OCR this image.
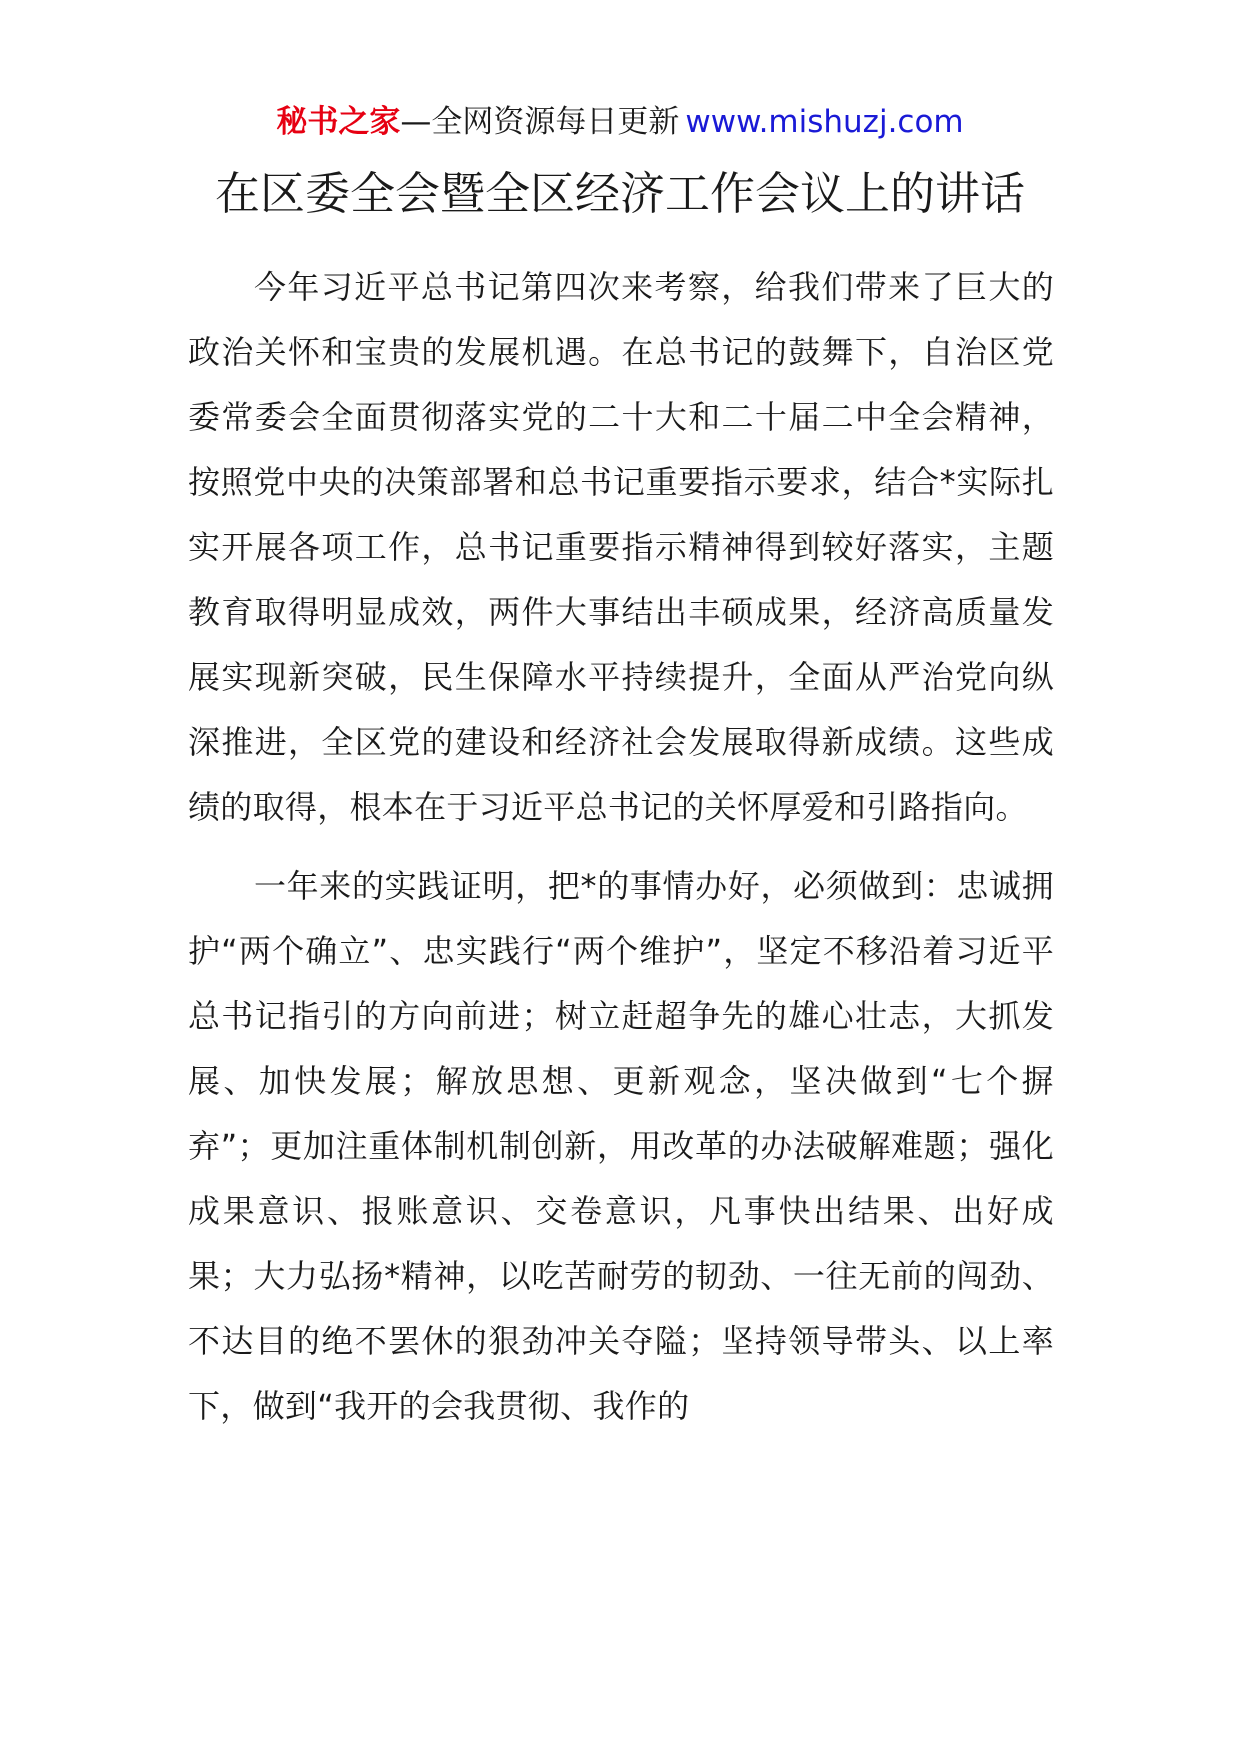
秘书之家—全网资源每日更新 www.mishuzj.com
在区委全会暨全区经济工作会议上的讲话

今年习近平总书记第四次来考察，给我们带来了巨大的政治关怀和宝贵的发展机遇。在总书记的鼓舞下，自治区党委常委会全面贯彻落实党的二十大和二十届二中全会精神，按照党中央的决策部署和总书记重要指示要求，结合*实际扎实开展各项工作，总书记重要指示精神得到较好落实，主题教育取得明显成效，两件大事结出丰硕成果，经济高质量发展实现新突破，民生保障水平持续提升，全面从严治党向纵深推进，全区党的建设和经济社会发展取得新成绩。这些成绩的取得，根本在于习近平总书记的关怀厚爱和引路指向。

一年来的实践证明，把*的事情办好，必须做到：忠诚拥护“两个确立”、忠实践行“两个维护”，坚定不移沿着习近平总书记指引的方向前进；树立赶超争先的雄心壮志，大抓发展、加快发展；解放思想、更新观念，坚决做到“七个摒弃”；更加注重体制机制创新，用改革的办法破解难题；强化成果意识、报账意识、交卷意识，凡事快出结果、出好成果；大力弘扬*精神，以吃苦耐劳的韧劲、一往无前的闯劲、不达目的绝不罢休的狠劲冲关夺隘；坚持领导带头、以上率下，做到“我开的会我贯彻、我作的
